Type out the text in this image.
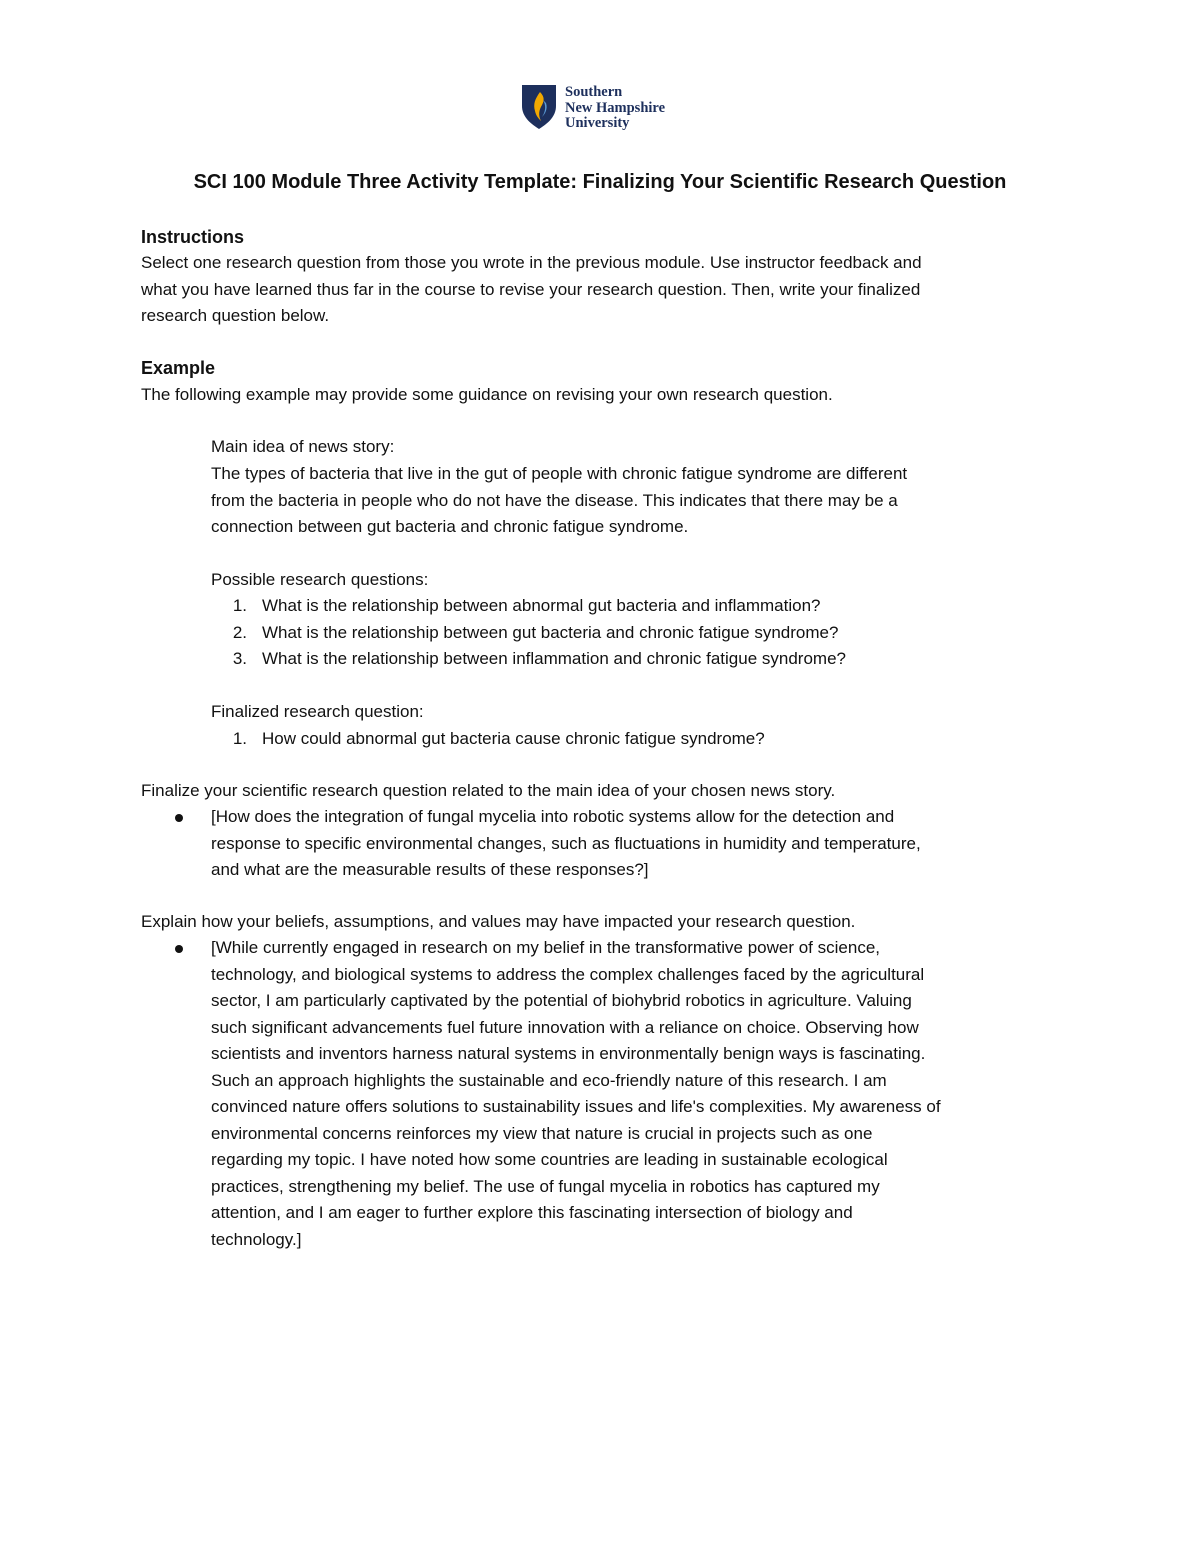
Southern
New Hampshire
University
SCI 100 Module Three Activity Template: Finalizing Your Scientific Research Question
Instructions
Select one research question from those you wrote in the previous module. Use instructor feedback and
what you have learned thus far in the course to revise your research question. Then, write your finalized
research question below.
Example
The following example may provide some guidance on revising your own research question.
Main idea of news story:
The types of bacteria that live in the gut of people with chronic fatigue syndrome are different
from the bacteria in people who do not have the disease. This indicates that there may be a
connection between gut bacteria and chronic fatigue syndrome.
Possible research questions:
1. What is the relationship between abnormal gut bacteria and inflammation?
2. What is the relationship between gut bacteria and chronic fatigue syndrome?
3. What is the relationship between inflammation and chronic fatigue syndrome?
Finalized research question:
1. How could abnormal gut bacteria cause chronic fatigue syndrome?
Finalize your scientific research question related to the main idea of your chosen news story.
[How does the integration of fungal mycelia into robotic systems allow for the detection and
response to specific environmental changes, such as fluctuations in humidity and temperature,
and what are the measurable results of these responses?]
Explain how your beliefs, assumptions, and values may have impacted your research question.
[While currently engaged in research on my belief in the transformative power of science,
technology, and biological systems to address the complex challenges faced by the agricultural
sector, I am particularly captivated by the potential of biohybrid robotics in agriculture. Valuing
such significant advancements fuel future innovation with a reliance on choice. Observing how
scientists and inventors harness natural systems in environmentally benign ways is fascinating.
Such an approach highlights the sustainable and eco-friendly nature of this research. I am
convinced nature offers solutions to sustainability issues and life's complexities. My awareness of
environmental concerns reinforces my view that nature is crucial in projects such as one
regarding my topic. I have noted how some countries are leading in sustainable ecological
practices, strengthening my belief. The use of fungal mycelia in robotics has captured my
attention, and I am eager to further explore this fascinating intersection of biology and
technology.]
